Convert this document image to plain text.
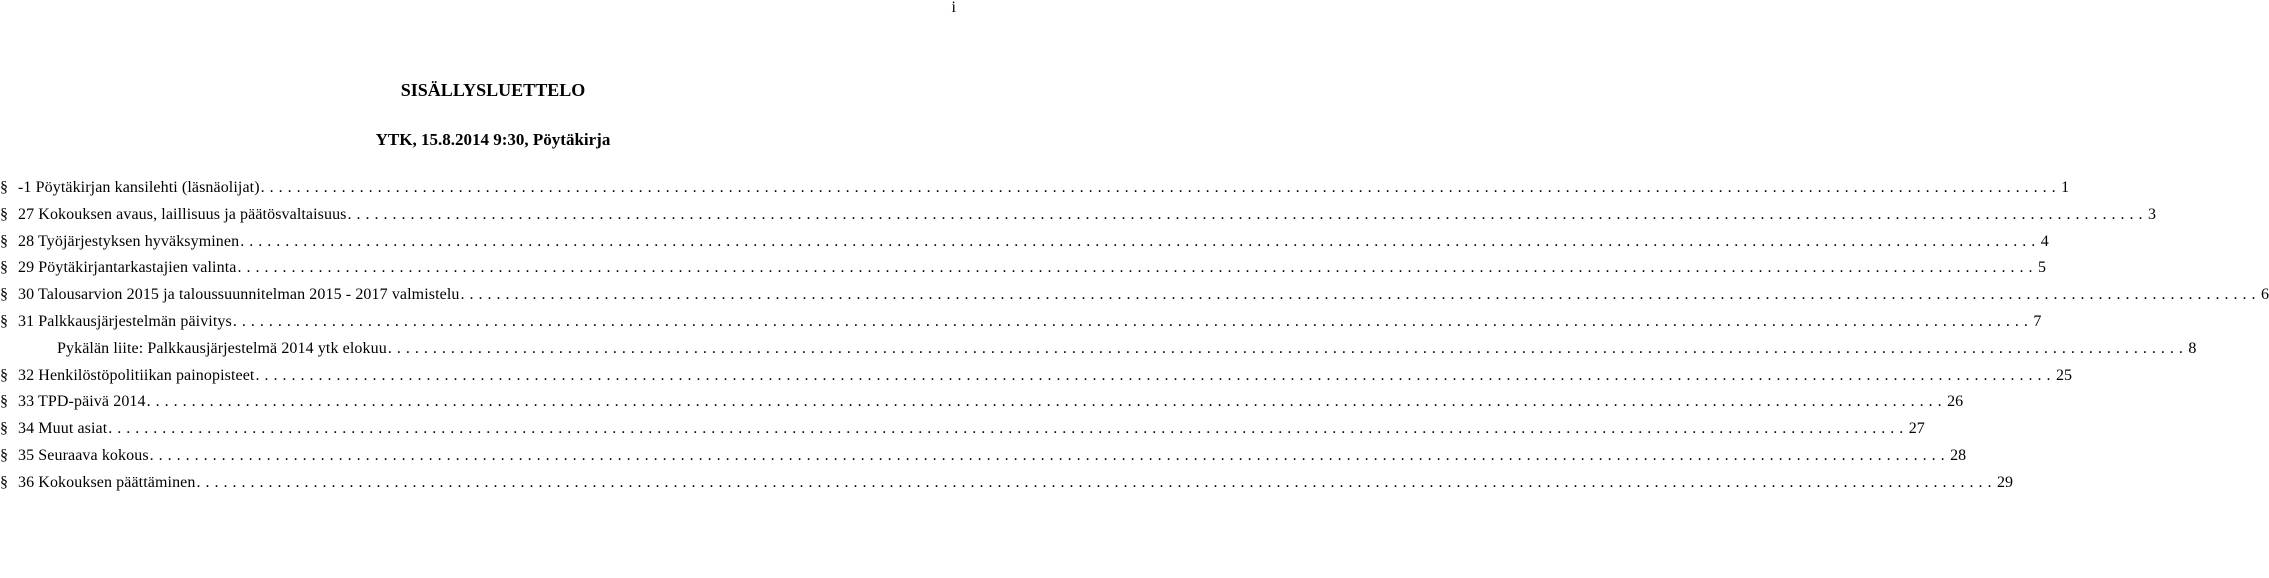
i
SISÄLLYSLUETTELO
YTK, 15.8.2014 9:30, Pöytäkirja
§ -1 Pöytäkirjan kansilehti (läsnäolijat) . . . . . . . . . . . . . . . . . . . . . . . . . . . . . . . . . . . . . . . . . . . . . . . . . . . . . . . . . . . . . . . . . . . . . . . . . . . . . . . . . . . . . . . . . . . . . . . . . . . . . . . . . . . . . . . . . . . . . . . . . . . . . . . . . . . . . . . . . . . . . . . . . . . . . . . . . . . . . . . . . . . . . . . . . . . . . . . . . . . . . . . . . . . . . . . . . . . . . . . . 1
§ 27 Kokouksen avaus, laillisuus ja päätösvaltaisuus . . . . . . . . . . . . . . . . . . . . . . . . . . . . . . . . . . . . . . . . . . . . . . . . . . . . . . . . . . . . . . . . . . . . . . . . . . . . . . . . . . . . . . . . . . . . . . . . . . . . . . . . . . . . . . . . . . . . . . . . . . . . . . . . . . . . . . . . . . . . . . . . . . . . . . . . . . . . . . . . . . . . . . . . . . . . . . . . . . . . . . . . . . . . . . . . . . . . . . . . 3
§ 28 Työjärjestyksen hyväksyminen . . . . . . . . . . . . . . . . . . . . . . . . . . . . . . . . . . . . . . . . . . . . . . . . . . . . . . . . . . . . . . . . . . . . . . . . . . . . . . . . . . . . . . . . . . . . . . . . . . . . . . . . . . . . . . . . . . . . . . . . . . . . . . . . . . . . . . . . . . . . . . . . . . . . . . . . . . . . . . . . . . . . . . . . . . . . . . . . . . . . . . . . . . . . . . . . . . . . . . . . 4
§ 29 Pöytäkirjantarkastajien valinta . . . . . . . . . . . . . . . . . . . . . . . . . . . . . . . . . . . . . . . . . . . . . . . . . . . . . . . . . . . . . . . . . . . . . . . . . . . . . . . . . . . . . . . . . . . . . . . . . . . . . . . . . . . . . . . . . . . . . . . . . . . . . . . . . . . . . . . . . . . . . . . . . . . . . . . . . . . . . . . . . . . . . . . . . . . . . . . . . . . . . . . . . . . . . . . . . . . . . . . . 5
§ 30 Talousarvion 2015 ja taloussuunnitelman 2015 - 2017 valmistelu . . . . . . . . . . . . . . . . . . . . . . . . . . . . . . . . . . . . . . . . . . . . . . . . . . . . . . . . . . . . . . . . . . . . . . . . . . . . . . . . . . . . . . . . . . . . . . . . . . . . . . . . . . . . . . . . . . . . . . . . . . . . . . . . . . . . . . . . . . . . . . . . . . . . . . . . . . . . . . . . . . . . . . . . . . . . . . . . . . . . . . . . . . . . . . . . . . . . . . . . 6
§ 31 Palkkausjärjestelmän päivitys . . . . . . . . . . . . . . . . . . . . . . . . . . . . . . . . . . . . . . . . . . . . . . . . . . . . . . . . . . . . . . . . . . . . . . . . . . . . . . . . . . . . . . . . . . . . . . . . . . . . . . . . . . . . . . . . . . . . . . . . . . . . . . . . . . . . . . . . . . . . . . . . . . . . . . . . . . . . . . . . . . . . . . . . . . . . . . . . . . . . . . . . . . . . . . . . . . . . . . . . 7
Pykälän liite: Palkkausjärjestelmä 2014 ytk elokuu . . . . . . . . . . . . . . . . . . . . . . . . . . . . . . . . . . . . . . . . . . . . . . . . . . . . . . . . . . . . . . . . . . . . . . . . . . . . . . . . . . . . . . . . . . . . . . . . . . . . . . . . . . . . . . . . . . . . . . . . . . . . . . . . . . . . . . . . . . . . . . . . . . . . . . . . . . . . . . . . . . . . . . . . . . . . . . . . . . . . . . . . . . . . . . . . . . . . . . . . 8
§ 32 Henkilöstöpolitiikan painopisteet . . . . . . . . . . . . . . . . . . . . . . . . . . . . . . . . . . . . . . . . . . . . . . . . . . . . . . . . . . . . . . . . . . . . . . . . . . . . . . . . . . . . . . . . . . . . . . . . . . . . . . . . . . . . . . . . . . . . . . . . . . . . . . . . . . . . . . . . . . . . . . . . . . . . . . . . . . . . . . . . . . . . . . . . . . . . . . . . . . . . . . . . . . . . . . . . . . . . . . . . 25
§ 33 TPD-päivä 2014 . . . . . . . . . . . . . . . . . . . . . . . . . . . . . . . . . . . . . . . . . . . . . . . . . . . . . . . . . . . . . . . . . . . . . . . . . . . . . . . . . . . . . . . . . . . . . . . . . . . . . . . . . . . . . . . . . . . . . . . . . . . . . . . . . . . . . . . . . . . . . . . . . . . . . . . . . . . . . . . . . . . . . . . . . . . . . . . . . . . . . . . . . . . . . . . . . . . . . . . . 26
§ 34 Muut asiat . . . . . . . . . . . . . . . . . . . . . . . . . . . . . . . . . . . . . . . . . . . . . . . . . . . . . . . . . . . . . . . . . . . . . . . . . . . . . . . . . . . . . . . . . . . . . . . . . . . . . . . . . . . . . . . . . . . . . . . . . . . . . . . . . . . . . . . . . . . . . . . . . . . . . . . . . . . . . . . . . . . . . . . . . . . . . . . . . . . . . . . . . . . . . . . . . . . . . . . . 27
§ 35 Seuraava kokous . . . . . . . . . . . . . . . . . . . . . . . . . . . . . . . . . . . . . . . . . . . . . . . . . . . . . . . . . . . . . . . . . . . . . . . . . . . . . . . . . . . . . . . . . . . . . . . . . . . . . . . . . . . . . . . . . . . . . . . . . . . . . . . . . . . . . . . . . . . . . . . . . . . . . . . . . . . . . . . . . . . . . . . . . . . . . . . . . . . . . . . . . . . . . . . . . . . . . . . . 28
§ 36 Kokouksen päättäminen . . . . . . . . . . . . . . . . . . . . . . . . . . . . . . . . . . . . . . . . . . . . . . . . . . . . . . . . . . . . . . . . . . . . . . . . . . . . . . . . . . . . . . . . . . . . . . . . . . . . . . . . . . . . . . . . . . . . . . . . . . . . . . . . . . . . . . . . . . . . . . . . . . . . . . . . . . . . . . . . . . . . . . . . . . . . . . . . . . . . . . . . . . . . . . . . . . . . . . . . 29
